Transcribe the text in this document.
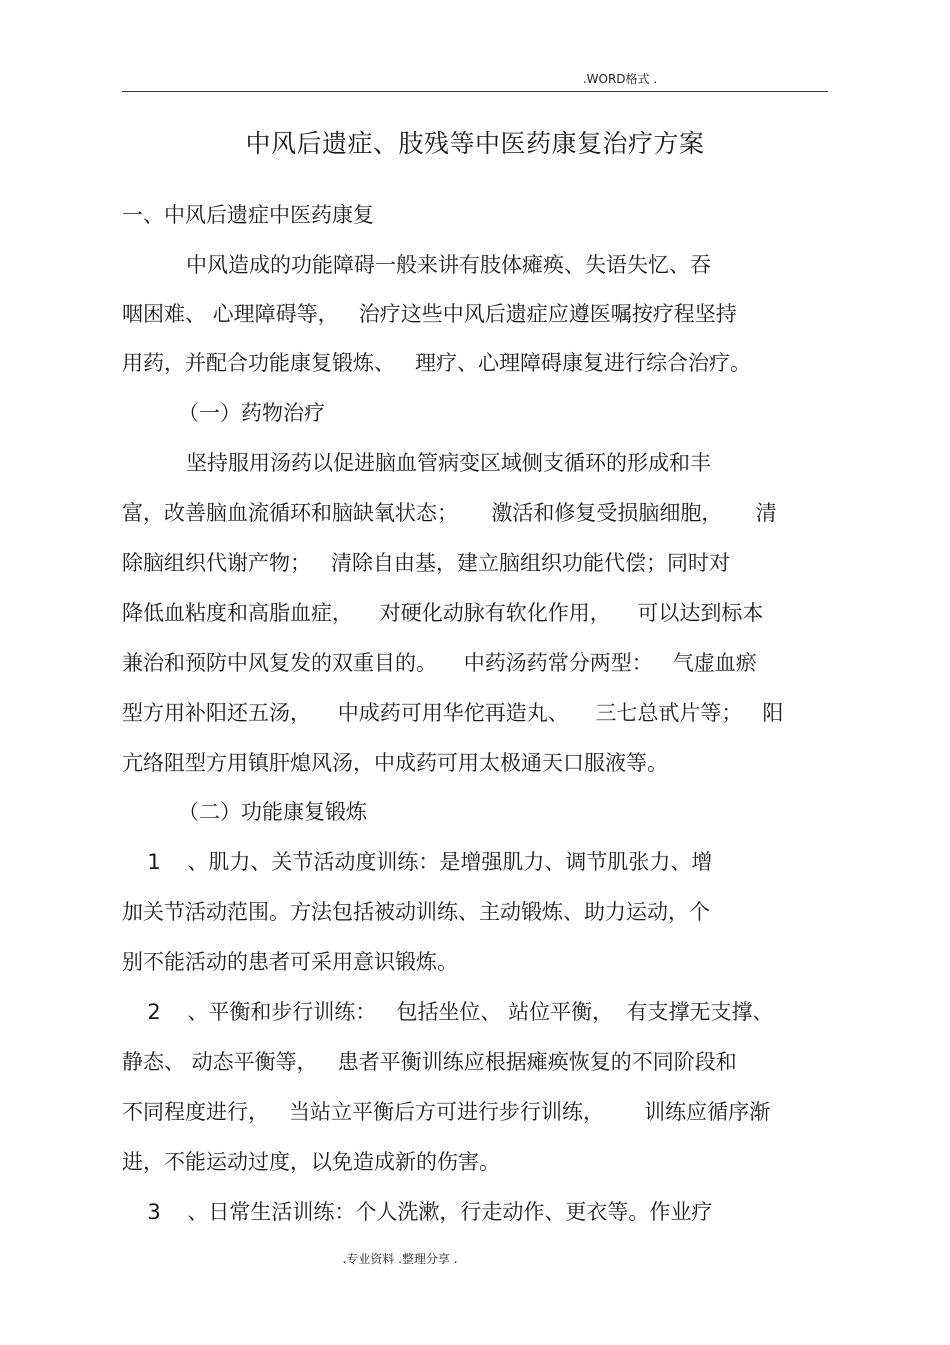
.WORD格式 .
中风后遗症、肢残等中医药康复治疗方案
一、中风后遗症中医药康复
中风造成的功能障碍一般来讲有肢体瘫痪、失语失忆、吞
咽困难、 心理障碍等，   治疗这些中风后遗症应遵医嘱按疗程坚持
用药，并配合功能康复锻炼、   理疗、心理障碍康复进行综合治疗。
（一）药物治疗
坚持服用汤药以促进脑血管病变区域侧支循环的形成和丰
富，改善脑血流循环和脑缺氧状态；     激活和修复受损脑细胞，     清
除脑组织代谢产物；   清除自由基，建立脑组织功能代偿；同时对
降低血粘度和高脂血症，    对硬化动脉有软化作用，    可以达到标本
兼治和预防中风复发的双重目的。    中药汤药常分两型：   气虚血瘀
型方用补阳还五汤，    中成药可用华佗再造丸、    三七总甙片等；   阳
亢络阻型方用镇肝熄风汤，中成药可用太极通天口服液等。
（二）功能康复锻炼
1    、肌力、关节活动度训练：是增强肌力、调节肌张力、增
加关节活动范围。方法包括被动训练、主动锻炼、助力运动，个
别不能活动的患者可采用意识锻炼。
2    、平衡和步行训练：   包括坐位、 站位平衡，  有支撑无支撑、
静态、 动态平衡等，   患者平衡训练应根据瘫痪恢复的不同阶段和
不同程度进行，   当站立平衡后方可进行步行训练，      训练应循序渐
进，不能运动过度，以免造成新的伤害。
3    、日常生活训练：个人洗漱，行走动作、更衣等。作业疗
.专业资料 .整理分享 .
